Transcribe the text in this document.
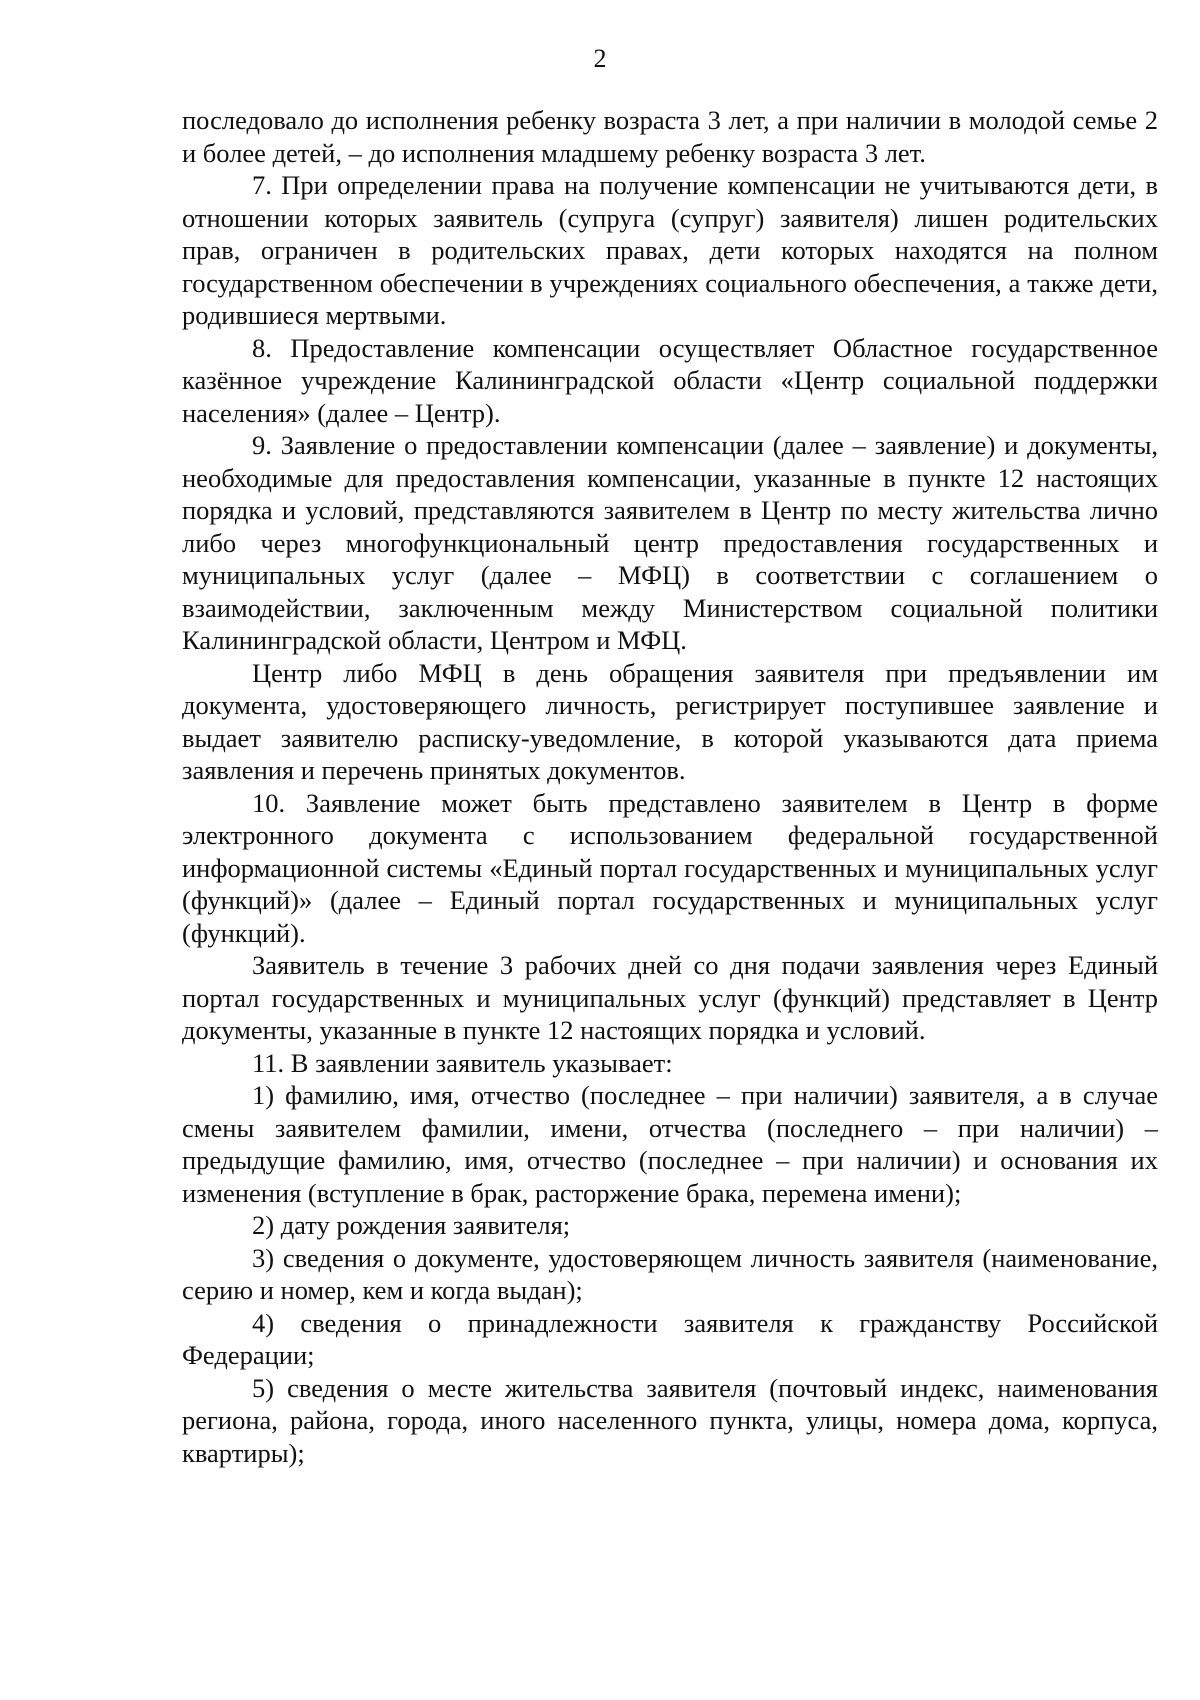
2

последовало до исполнения ребенку возраста 3 лет, а при наличии в молодой семье 2 и более детей, – до исполнения младшему ребенку возраста 3 лет.

7. При определении права на получение компенсации не учитываются дети, в отношении которых заявитель (супруга (супруг) заявителя) лишен родительских прав, ограничен в родительских правах, дети которых находятся на полном государственном обеспечении в учреждениях социального обеспечения, а также дети, родившиеся мертвыми.

8. Предоставление компенсации осуществляет Областное государственное казённое учреждение Калининградской области «Центр социальной поддержки населения» (далее – Центр).

9. Заявление о предоставлении компенсации (далее – заявление) и документы, необходимые для предоставления компенсации, указанные в пункте 12 настоящих порядка и условий, представляются заявителем в Центр по месту жительства лично либо через многофункциональный центр предоставления государственных и муниципальных услуг (далее – МФЦ) в соответствии с соглашением о взаимодействии, заключенным между Министерством социальной политики Калининградской области, Центром и МФЦ.

Центр либо МФЦ в день обращения заявителя при предъявлении им документа, удостоверяющего личность, регистрирует поступившее заявление и выдает заявителю расписку-уведомление, в которой указываются дата приема заявления и перечень принятых документов.

10. Заявление может быть представлено заявителем в Центр в форме электронного документа с использованием федеральной государственной информационной системы «Единый портал государственных и муниципальных услуг (функций)» (далее – Единый портал государственных и муниципальных услуг (функций).

Заявитель в течение 3 рабочих дней со дня подачи заявления через Единый портал государственных и муниципальных услуг (функций) представляет в Центр документы, указанные в пункте 12 настоящих порядка и условий.

11. В заявлении заявитель указывает:

1) фамилию, имя, отчество (последнее – при наличии) заявителя, а в случае смены заявителем фамилии, имени, отчества (последнего – при наличии) – предыдущие фамилию, имя, отчество (последнее – при наличии) и основания их изменения (вступление в брак, расторжение брака, перемена имени);

2) дату рождения заявителя;

3) сведения о документе, удостоверяющем личность заявителя (наименование, серию и номер, кем и когда выдан);

4) сведения о принадлежности заявителя к гражданству Российской Федерации;

5) сведения о месте жительства заявителя (почтовый индекс, наименования региона, района, города, иного населенного пункта, улицы, номера дома, корпуса, квартиры);
